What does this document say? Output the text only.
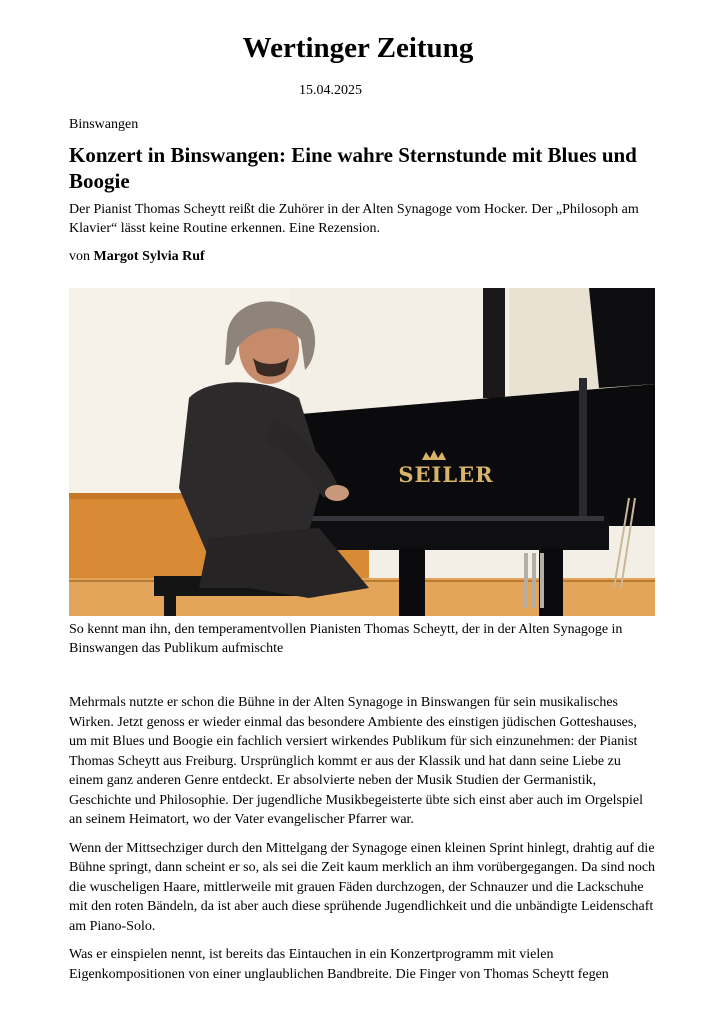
Wertinger Zeitung
15.04.2025
Binswangen
Konzert in Binswangen: Eine wahre Sternstunde mit Blues und Boogie
Der Pianist Thomas Scheytt reißt die Zuhörer in der Alten Synagoge vom Hocker. Der „Philosoph am Klavier“ lässt keine Routine erkennen. Eine Rezension.
von Margot Sylvia Ruf
SEILER
So kennt man ihn, den temperamentvollen Pianisten Thomas Scheytt, der in der Alten Synagoge in Binswangen das Publikum aufmischte

Mehrmals nutzte er schon die Bühne in der Alten Synagoge in Binswangen für sein musikalisches Wirken. Jetzt genoss er wieder einmal das besondere Ambiente des einstigen jüdischen Gotteshauses, um mit Blues und Boogie ein fachlich versiert wirkendes Publikum für sich einzunehmen: der Pianist Thomas Scheytt aus Freiburg. Ursprünglich kommt er aus der Klassik und hat dann seine Liebe zu einem ganz anderen Genre entdeckt. Er absolvierte neben der Musik Studien der Germanistik, Geschichte und Philosophie. Der jugendliche Musikbegeisterte übte sich einst aber auch im Orgelspiel an seinem Heimatort, wo der Vater evangelischer Pfarrer war.

Wenn der Mittsechziger durch den Mittelgang der Synagoge einen kleinen Sprint hinlegt, drahtig auf die Bühne springt, dann scheint er so, als sei die Zeit kaum merklich an ihm vorübergegangen. Da sind noch die wuscheligen Haare, mittlerweile mit grauen Fäden durchzogen, der Schnauzer und die Lackschuhe mit den roten Bändeln, da ist aber auch diese sprühende Jugendlichkeit und die unbändigte Leidenschaft am Piano-Solo.

Was er einspielen nennt, ist bereits das Eintauchen in ein Konzertprogramm mit vielen Eigenkompositionen von einer unglaublichen Bandbreite. Die Finger von Thomas Scheytt fegen
